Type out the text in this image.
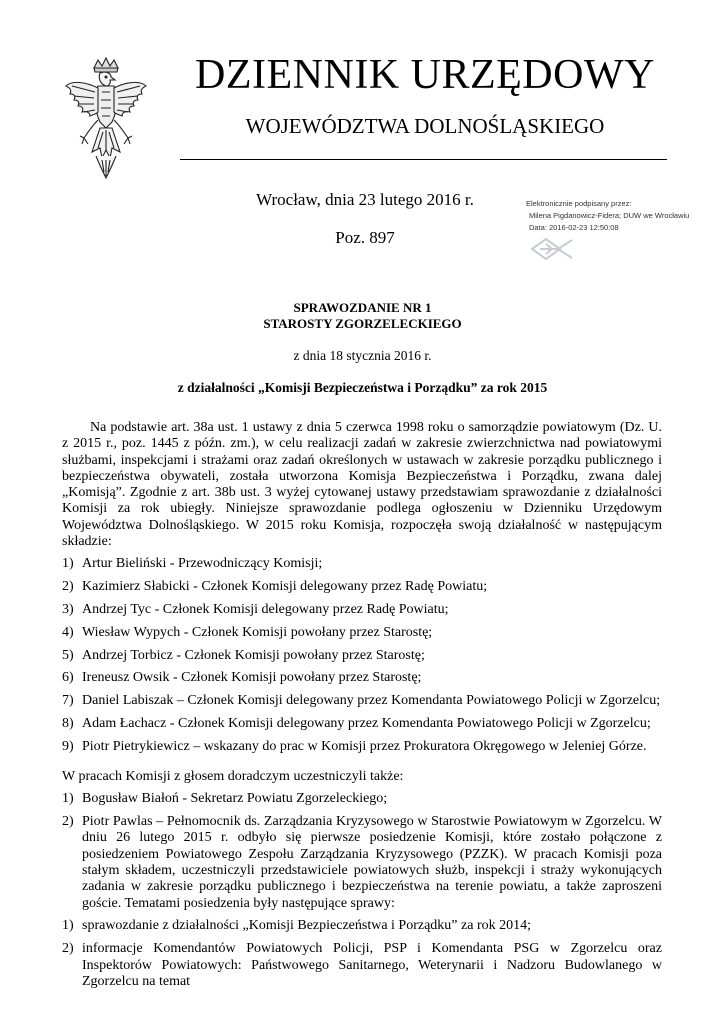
DZIENNIK URZĘDOWY
WOJEWÓDZTWA DOLNOŚLĄSKIEGO
Wrocław, dnia 23 lutego 2016 r.
Poz. 897
Elektronicznie podpisany przez:
Milena Pigdanowicz-Fidera; DUW we Wrocławiu
Data: 2016-02-23 12:50:08
SPRAWOZDANIE NR 1
STAROSTY ZGORZELECKIEGO
z dnia 18 stycznia 2016 r.
z działalności „Komisji Bezpieczeństwa i Porządku” za rok 2015

Na podstawie art. 38a ust. 1 ustawy z dnia 5 czerwca 1998 roku o samorządzie powiatowym (Dz. U. z 2015 r., poz. 1445 z późn. zm.), w celu realizacji zadań w zakresie zwierzchnictwa nad powiatowymi służbami, inspekcjami i strażami oraz zadań określonych w ustawach w zakresie porządku publicznego i bezpieczeństwa obywateli, została utworzona Komisja Bezpieczeństwa i Porządku, zwana dalej „Komisją”. Zgodnie z art. 38b ust. 3 wyżej cytowanej ustawy przedstawiam sprawozdanie z działalności Komisji za rok ubiegły. Niniejsze sprawozdanie podlega ogłoszeniu w Dzienniku Urzędowym Województwa Dolnośląskiego. W 2015 roku Komisja, rozpoczęła swoją działalność w następującym składzie:

1) Artur Bieliński - Przewodniczący Komisji;
2) Kazimierz Słabicki - Członek Komisji delegowany przez Radę Powiatu;
3) Andrzej Tyc - Członek Komisji delegowany przez Radę Powiatu;
4) Wiesław Wypych - Członek Komisji powołany przez Starostę;
5) Andrzej Torbicz - Członek Komisji powołany przez Starostę;
6) Ireneusz Owsik - Członek Komisji powołany przez Starostę;
7) Daniel Labiszak – Członek Komisji delegowany przez Komendanta Powiatowego Policji w Zgorzelcu;
8) Adam Łachacz - Członek Komisji delegowany przez Komendanta Powiatowego Policji w Zgorzelcu;
9) Piotr Pietrykiewicz – wskazany do prac w Komisji przez Prokuratora Okręgowego w Jeleniej Górze.

W pracach Komisji z głosem doradczym uczestniczyli także:

1) Bogusław Białoń - Sekretarz Powiatu Zgorzeleckiego;
2) Piotr Pawlas – Pełnomocnik ds. Zarządzania Kryzysowego w Starostwie Powiatowym w Zgorzelcu. W dniu 26 lutego 2015 r. odbyło się pierwsze posiedzenie Komisji, które zostało połączone z posiedzeniem Powiatowego Zespołu Zarządzania Kryzysowego (PZZK). W pracach Komisji poza stałym składem, uczestniczyli przedstawiciele powiatowych służb, inspekcji i straży wykonujących zadania w zakresie porządku publicznego i bezpieczeństwa na terenie powiatu, a także zaproszeni goście. Tematami posiedzenia były następujące sprawy:
1) sprawozdanie z działalności „Komisji Bezpieczeństwa i Porządku” za rok 2014;
2) informacje Komendantów Powiatowych Policji, PSP i Komendanta PSG w Zgorzelcu oraz Inspektorów Powiatowych: Państwowego Sanitarnego, Weterynarii i Nadzoru Budowlanego w Zgorzelcu na temat
